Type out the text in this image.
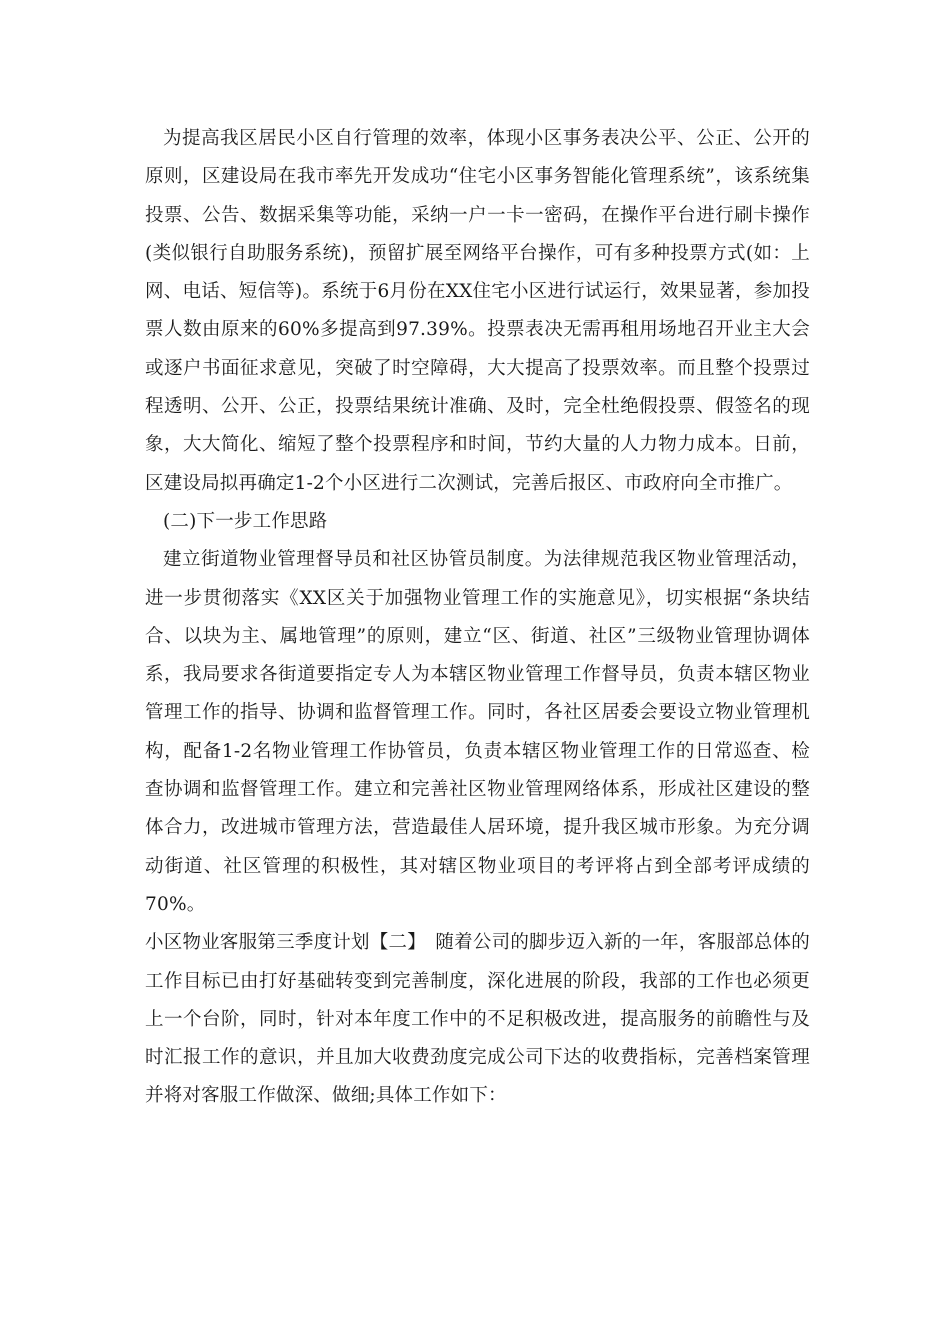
为提高我区居民小区自行管理的效率，体现小区事务表决公平、公正、公开的原则，区建设局在我市率先开发成功“住宅小区事务智能化管理系统”，该系统集投票、公告、数据采集等功能，采纳一户一卡一密码，在操作平台进行刷卡操作(类似银行自助服务系统)，预留扩展至网络平台操作，可有多种投票方式(如：上网、电话、短信等)。系统于6月份在XX住宅小区进行试运行，效果显著，参加投票人数由原来的60%多提高到97.39%。投票表决无需再租用场地召开业主大会或逐户书面征求意见，突破了时空障碍，大大提高了投票效率。而且整个投票过程透明、公开、公正，投票结果统计准确、及时，完全杜绝假投票、假签名的现象，大大简化、缩短了整个投票程序和时间，节约大量的人力物力成本。日前，区建设局拟再确定1-2个小区进行二次测试，完善后报区、市政府向全市推广。

(二)下一步工作思路

建立街道物业管理督导员和社区协管员制度。为法律规范我区物业管理活动，进一步贯彻落实《XX区关于加强物业管理工作的实施意见》，切实根据“条块结合、以块为主、属地管理”的原则，建立“区、街道、社区”三级物业管理协调体系，我局要求各街道要指定专人为本辖区物业管理工作督导员，负责本辖区物业管理工作的指导、协调和监督管理工作。同时，各社区居委会要设立物业管理机构，配备1-2名物业管理工作协管员，负责本辖区物业管理工作的日常巡查、检查协调和监督管理工作。建立和完善社区物业管理网络体系，形成社区建设的整体合力，改进城市管理方法，营造最佳人居环境，提升我区城市形象。为充分调动街道、社区管理的积极性，其对辖区物业项目的考评将占到全部考评成绩的70%。

小区物业客服第三季度计划【二】　随着公司的脚步迈入新的一年，客服部总体的工作目标已由打好基础转变到完善制度，深化进展的阶段，我部的工作也必须更上一个台阶，同时，针对本年度工作中的不足积极改进，提高服务的前瞻性与及时汇报工作的意识，并且加大收费劲度完成公司下达的收费指标，完善档案管理并将对客服工作做深、做细;具体工作如下：
